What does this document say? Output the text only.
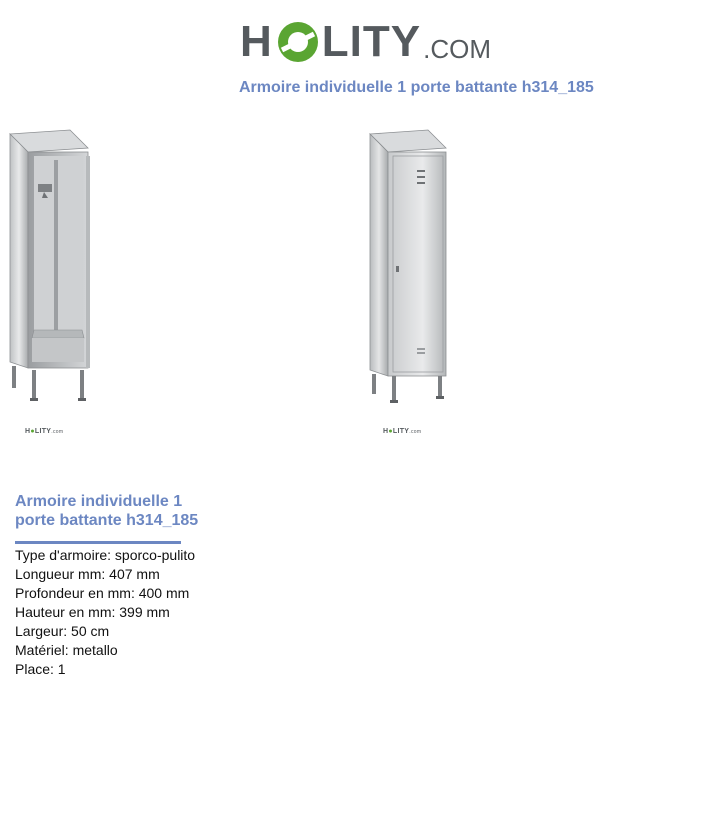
H LITY .COM
Armoire individuelle 1 porte battante h314_185
H●LITY.com	H●LITY.com
Armoire individuelle 1
porte battante h314_185
Type d'armoire: sporco-pulito
Longueur mm: 407 mm
Profondeur en mm: 400 mm
Hauteur en mm: 399 mm
Largeur: 50 cm
Matériel: metallo
Place: 1
